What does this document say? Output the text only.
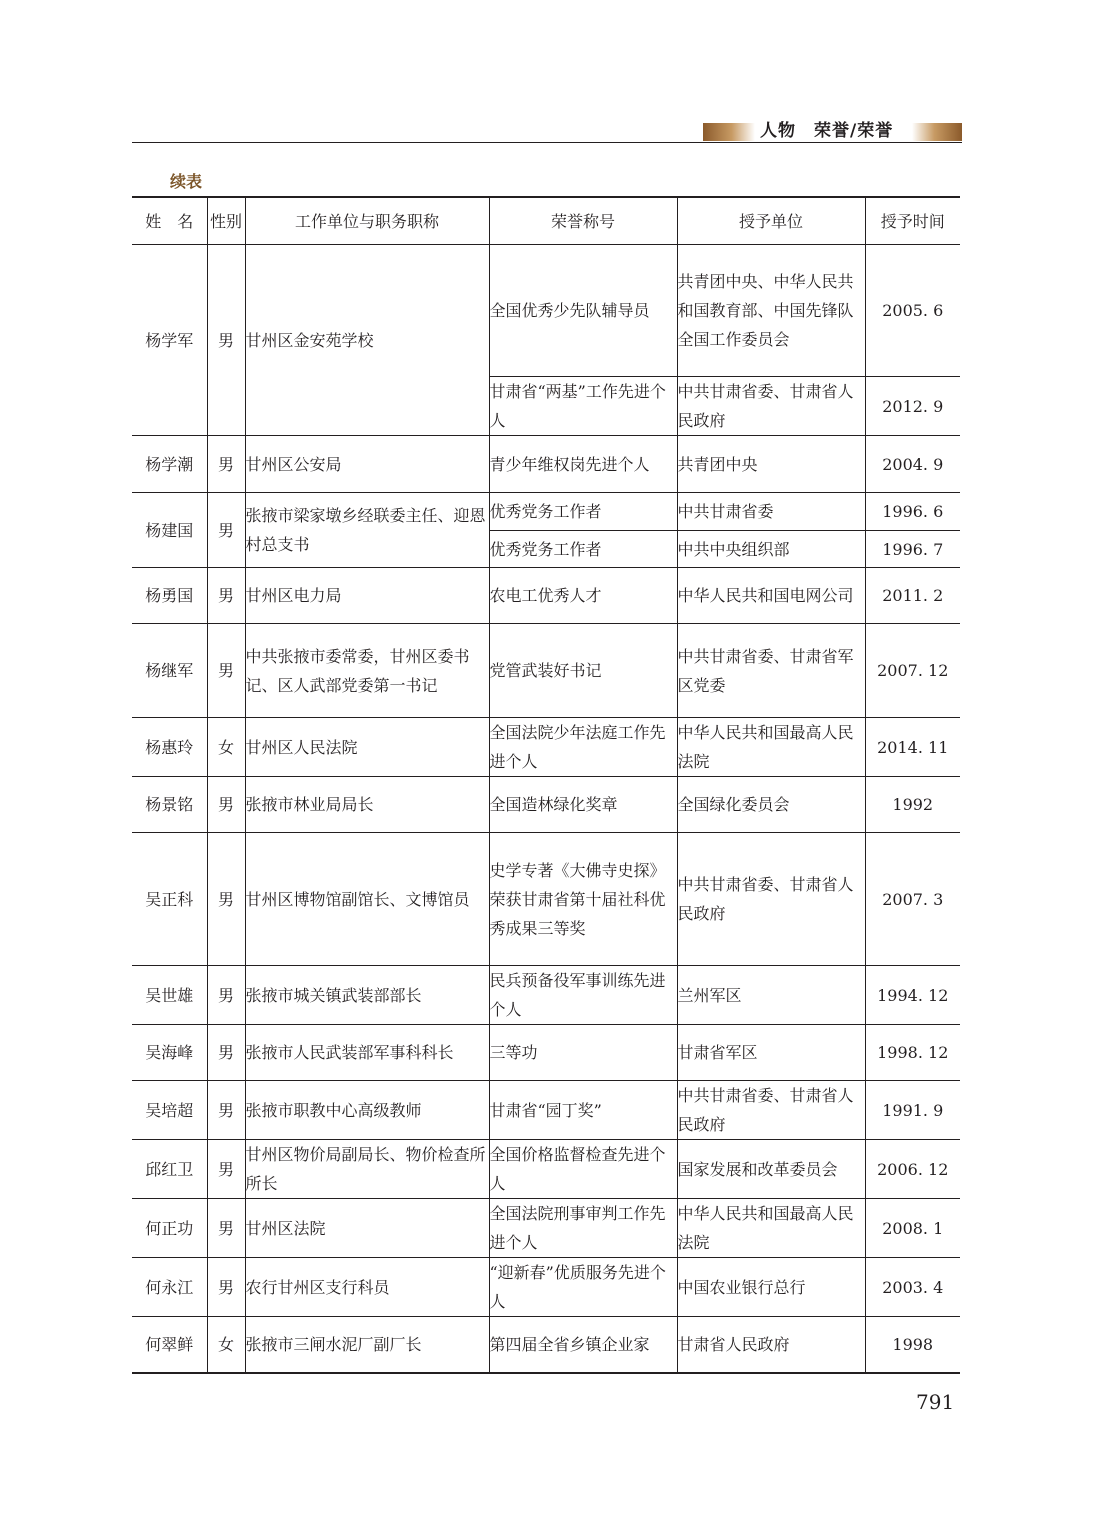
人物　荣誉/荣誉
续表
姓　名	性别	工作单位与职务职称	荣誉称号	授予单位	授予时间
杨学军	男	甘州区金安苑学校	全国优秀少先队辅导员	共青团中央、中华人民共和国教育部、中国先锋队全国工作委员会	2005. 6
			甘肃省“两基”工作先进个人	中共甘肃省委、甘肃省人民政府	2012. 9
杨学潮	男	甘州区公安局	青少年维权岗先进个人	共青团中央	2004. 9
杨建国	男	张掖市梁家墩乡经联委主任、迎恩村总支书	优秀党务工作者	中共甘肃省委	1996. 6
			优秀党务工作者	中共中央组织部	1996. 7
杨勇国	男	甘州区电力局	农电工优秀人才	中华人民共和国电网公司	2011. 2
杨继军	男	中共张掖市委常委，甘州区委书记、区人武部党委第一书记	党管武装好书记	中共甘肃省委、甘肃省军区党委	2007. 12
杨惠玲	女	甘州区人民法院	全国法院少年法庭工作先进个人	中华人民共和国最高人民法院	2014. 11
杨景铭	男	张掖市林业局局长	全国造林绿化奖章	全国绿化委员会	1992
吴正科	男	甘州区博物馆副馆长、文博馆员	史学专著《大佛寺史探》荣获甘肃省第十届社科优秀成果三等奖	中共甘肃省委、甘肃省人民政府	2007. 3
吴世雄	男	张掖市城关镇武装部部长	民兵预备役军事训练先进个人	兰州军区	1994. 12
吴海峰	男	张掖市人民武装部军事科科长	三等功	甘肃省军区	1998. 12
吴培超	男	张掖市职教中心高级教师	甘肃省“园丁奖”	中共甘肃省委、甘肃省人民政府	1991. 9
邱红卫	男	甘州区物价局副局长、物价检查所所长	全国价格监督检查先进个人	国家发展和改革委员会	2006. 12
何正功	男	甘州区法院	全国法院刑事审判工作先进个人	中华人民共和国最高人民法院	2008. 1
何永江	男	农行甘州区支行科员	“迎新春”优质服务先进个人	中国农业银行总行	2003. 4
何翠鲜	女	张掖市三闸水泥厂副厂长	第四届全省乡镇企业家	甘肃省人民政府	1998
791
